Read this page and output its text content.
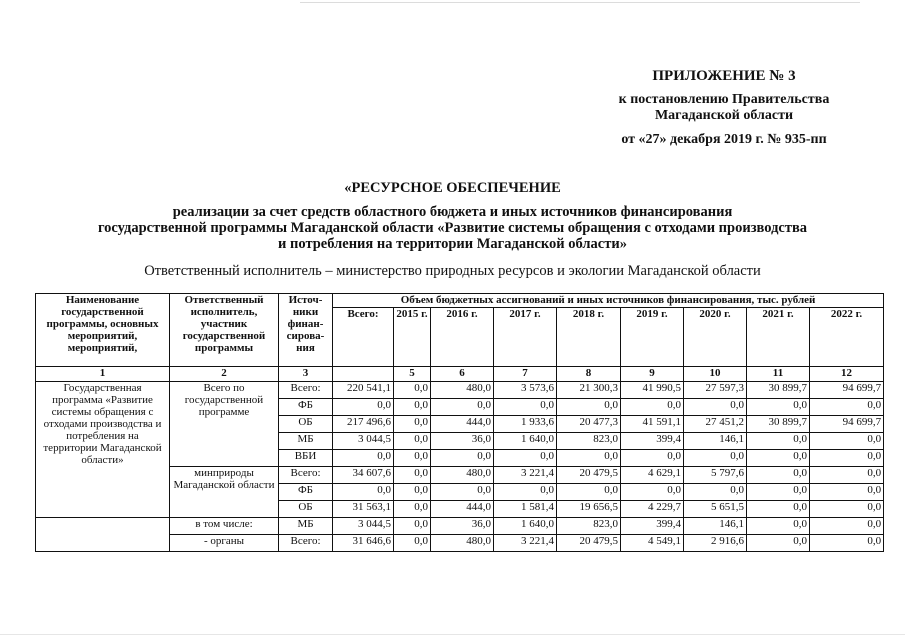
ПРИЛОЖЕНИЕ № 3
к постановлению Правительства
Магаданской области
от «27» декабря 2019 г. № 935-пп
«РЕСУРСНОЕ ОБЕСПЕЧЕНИЕ
реализации за счет средств областного бюджета и иных источников финансирования
государственной программы Магаданской области «Развитие системы обращения с отходами производства
и потребления на территории Магаданской области»
Ответственный исполнитель – министерство природных ресурсов и экологии Магаданской области
Наименование государственной программы, основных мероприятий, мероприятий,	Ответственный исполнитель, участник государственной программы	Источ-ники финан-сирова-ния	Объем бюджетных ассигнований и иных источников финансирования, тыс. рублей								
			Всего:	2015 г.	2016 г.	2017 г.	2018 г.	2019 г.	2020 г.	2021 г.	2022 г.
1	2	3		5	6	7	8	9	10	11	12
Государственная программа «Развитие системы обращения с отходами производства и потребления на территории Магаданской области»	Всего по государственной программе	Всего:	220 541,1	0,0	480,0	3 573,6	21 300,3	41 990,5	27 597,3	30 899,7	94 699,7
		ФБ	0,0	0,0	0,0	0,0	0,0	0,0	0,0	0,0	0,0
		ОБ	217 496,6	0,0	444,0	1 933,6	20 477,3	41 591,1	27 451,2	30 899,7	94 699,7
		МБ	3 044,5	0,0	36,0	1 640,0	823,0	399,4	146,1	0,0	0,0
		ВБИ	0,0	0,0	0,0	0,0	0,0	0,0	0,0	0,0	0,0
	минприроды Магаданской области	Всего:	34 607,6	0,0	480,0	3 221,4	20 479,5	4 629,1	5 797,6	0,0	0,0
		ФБ	0,0	0,0	0,0	0,0	0,0	0,0	0,0	0,0	0,0
		ОБ	31 563,1	0,0	444,0	1 581,4	19 656,5	4 229,7	5 651,5	0,0	0,0
	в том числе:	МБ	3 044,5	0,0	36,0	1 640,0	823,0	399,4	146,1	0,0	0,0
	- органы	Всего:	31 646,6	0,0	480,0	3 221,4	20 479,5	4 549,1	2 916,6	0,0	0,0
